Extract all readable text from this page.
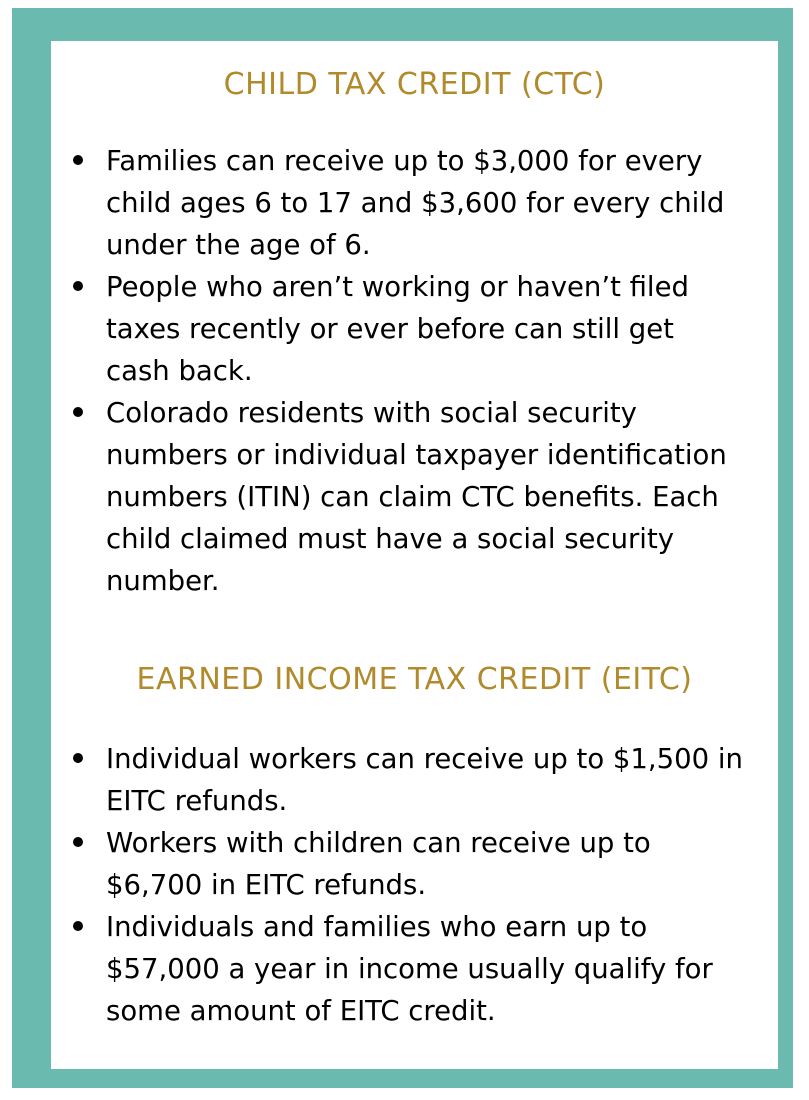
CHILD TAX CREDIT (CTC)
Families can receive up to $3,000 for every child ages 6 to 17 and $3,600 for every child under the age of 6.
People who aren’t working or haven’t filed taxes recently or ever before can still get cash back.
Colorado residents with social security numbers or individual taxpayer identification numbers (ITIN) can claim CTC benefits. Each child claimed must have a social security number.
EARNED INCOME TAX CREDIT (EITC)
Individual workers can receive up to $1,500 in EITC refunds.
Workers with children can receive up to $6,700 in EITC refunds.
Individuals and families who earn up to $57,000 a year in income usually qualify for some amount of EITC credit.
